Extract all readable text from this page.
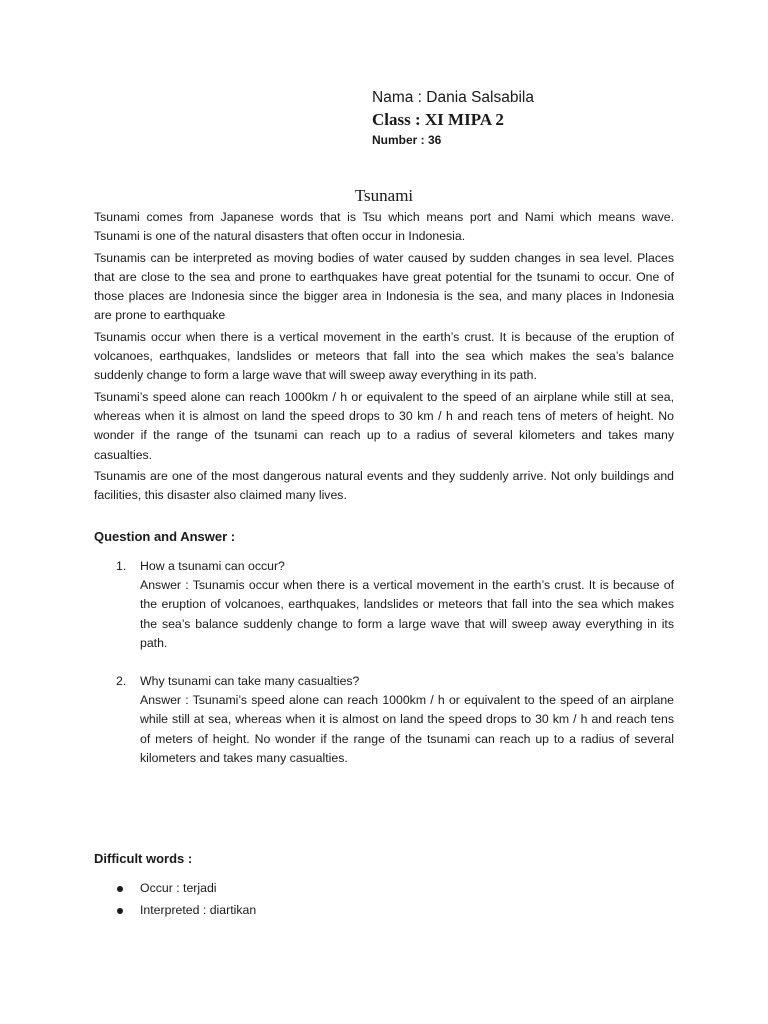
Nama : Dania Salsabila
Class : XI MIPA 2
Number : 36
Tsunami

Tsunami comes from Japanese words that is Tsu which means port and Nami which means wave. Tsunami is one of the natural disasters that often occur in Indonesia.

Tsunamis can be interpreted as moving bodies of water caused by sudden changes in sea level. Places that are close to the sea and prone to earthquakes have great potential for the tsunami to occur. One of those places are Indonesia since the bigger area in Indonesia is the sea, and many places in Indonesia are prone to earthquake

Tsunamis occur when there is a vertical movement in the earth’s crust. It is because of the eruption of volcanoes, earthquakes, landslides or meteors that fall into the sea which makes the sea’s balance suddenly change to form a large wave that will sweep away everything in its path.

Tsunami’s speed alone can reach 1000km / h or equivalent to the speed of an airplane while still at sea, whereas when it is almost on land the speed drops to 30 km / h and reach tens of meters of height. No wonder if the range of the tsunami can reach up to a radius of several kilometers and takes many casualties.

Tsunamis are one of the most dangerous natural events and they suddenly arrive. Not only buildings and facilities, this disaster also claimed many lives.

Question and Answer :
1. How a tsunami can occur?
Answer : Tsunamis occur when there is a vertical movement in the earth’s crust. It is because of the eruption of volcanoes, earthquakes, landslides or meteors that fall into the sea which makes the sea’s balance suddenly change to form a large wave that will sweep away everything in its path.
2. Why tsunami can take many casualties?
Answer : Tsunami’s speed alone can reach 1000km / h or equivalent to the speed of an airplane while still at sea, whereas when it is almost on land the speed drops to 30 km / h and reach tens of meters of height. No wonder if the range of the tsunami can reach up to a radius of several kilometers and takes many casualties.
Difficult words :
Occur : terjadi
Interpreted : diartikan
